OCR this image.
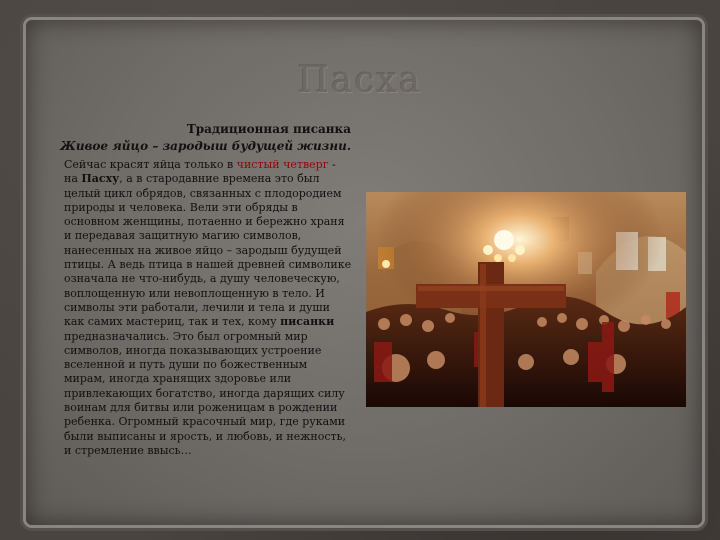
Пасха
Традиционная писанка
Живое яйцо – зародыш будущей жизни.
Сейчас красят яйца только в чистый четверг - на Пасху, а в стародавние времена это был целый цикл обрядов, связанных с плодородием природы и человека. Вели эти обряды в основном женщины, потаенно и бережно храня и передавая защитную магию символов, нанесенных на живое яйцо – зародыш будущей птицы. А ведь птица в нашей древней символике означала не что-нибудь, а душу человеческую, воплощенную или невоплощенную в тело. И символы эти работали, лечили и тела и души как самих мастериц, так и тех, кому писанки предназначались. Это был огромный мир символов, иногда показывающих устроение вселенной и путь души по божественным мирам, иногда хранящих здоровье или привлекающих богатство, иногда дарящих силу воинам для битвы или роженицам в рождении ребенка. Огромный красочный мир, где руками были выписаны и ярость, и любовь, и нежность, и стремление ввысь…
